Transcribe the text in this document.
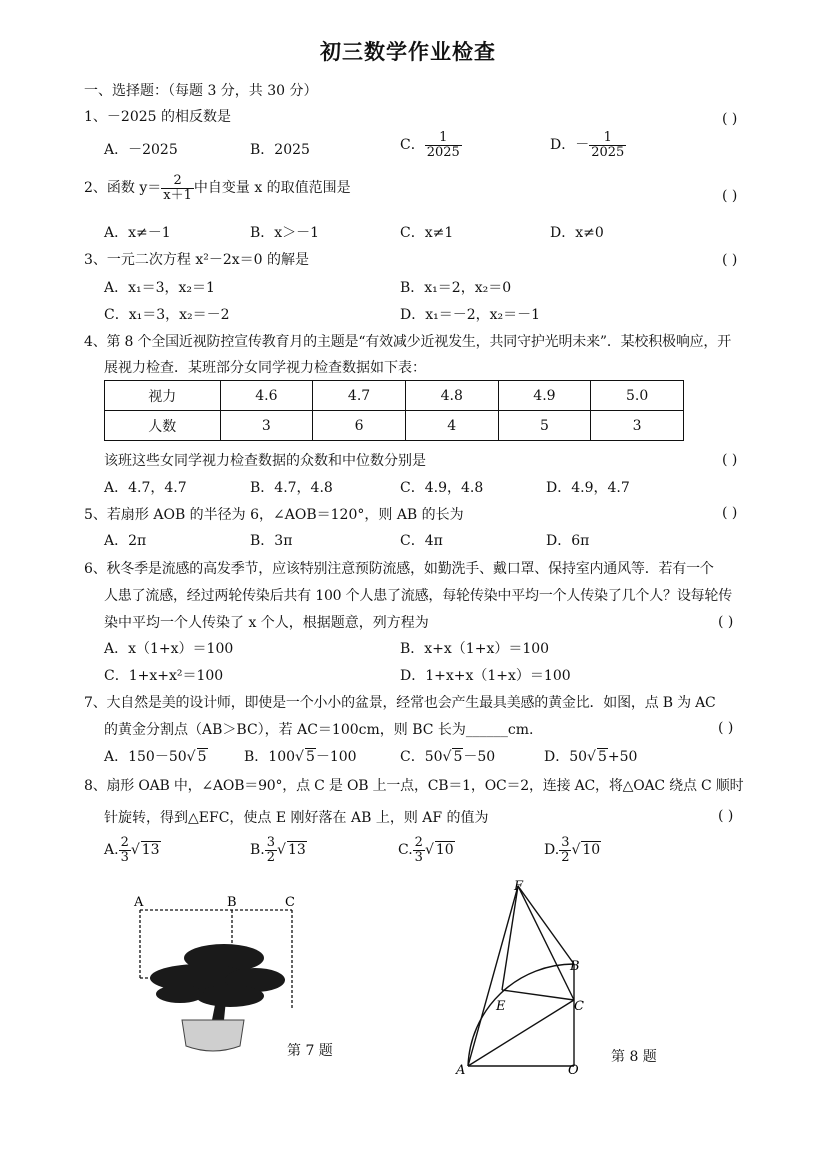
初三数学作业检查
一、选择题：（每题 3 分，共 30 分）
1、－2025 的相反数是	( )
A．－2025	B．2025	C． $\frac{1}{2025}$	D．－ $\frac{1}{2025}$
2、函数 $y= \frac{2}{x+1}$ 中自变量 x 的取值范围是	( )
A．x≠－1	B．x＞－1	C．x≠1	D．x≠0
3、一元二次方程 x²－2x＝0 的解是	( )
A．x₁＝3，x₂＝1	B．x₁＝2，x₂＝0
C．x₁＝3，x₂＝－2	D．x₁＝－2，x₂＝－1
4、第 8 个全国近视防控宣传教育月的主题是“有效减少近视发生，共同守护光明未来”．某校积极响应，开
展视力检查．某班部分女同学视力检查数据如下表：
视力	4.6	4.7	4.8	4.9	5.0
人数	3	6	4	5	3
该班这些女同学视力检查数据的众数和中位数分别是	( )
A．4.7，4.7	B．4.7，4.8	C．4.9，4.8	D．4.9，4.7
5、若扇形 AOB 的半径为 6，∠AOB＝120°，则 AB 的长为	( )
A．2π	B．3π	C．4π	D．6π
6、秋冬季是流感的高发季节，应该特别注意预防流感，如勤洗手、戴口罩、保持室内通风等．若有一个
人患了流感，经过两轮传染后共有 100 个人患了流感，每轮传染中平均一个人传染了几个人？设每轮传
染中平均一个人传染了 x 个人，根据题意，列方程为	( )
A．x（1+x）＝100	B．x+x（1+x）＝100
C．1+x+x²＝100	D．1+x+x（1+x）＝100
7、大自然是美的设计师，即使是一个小小的盆景，经常也会产生最具美感的黄金比．如图，点 B 为 AC
的黄金分割点（AB＞BC），若 AC＝100cm，则 BC 长为______cm.	( )
A．150－50√ 5	B．100√ 5－100	C．50√ 5－50	D．50√ 5+50
8、扇形 OAB 中，∠AOB＝90°，点 C 是 OB 上一点，CB＝1，OC＝2，连接 AC，将△OAC 绕点 C 顺时
针旋转，得到△EFC，使点 E 刚好落在 AB 上，则 AF 的值为	( )
A. $\frac{2}{3}$ √ 13	B. $\frac{3}{2}$ √ 13	C. $\frac{2}{3}$ √ 10	D. $\frac{3}{2}$ √ 10
A	B	C
第 7 题
F
B
E	C
A	O
第 8 题
